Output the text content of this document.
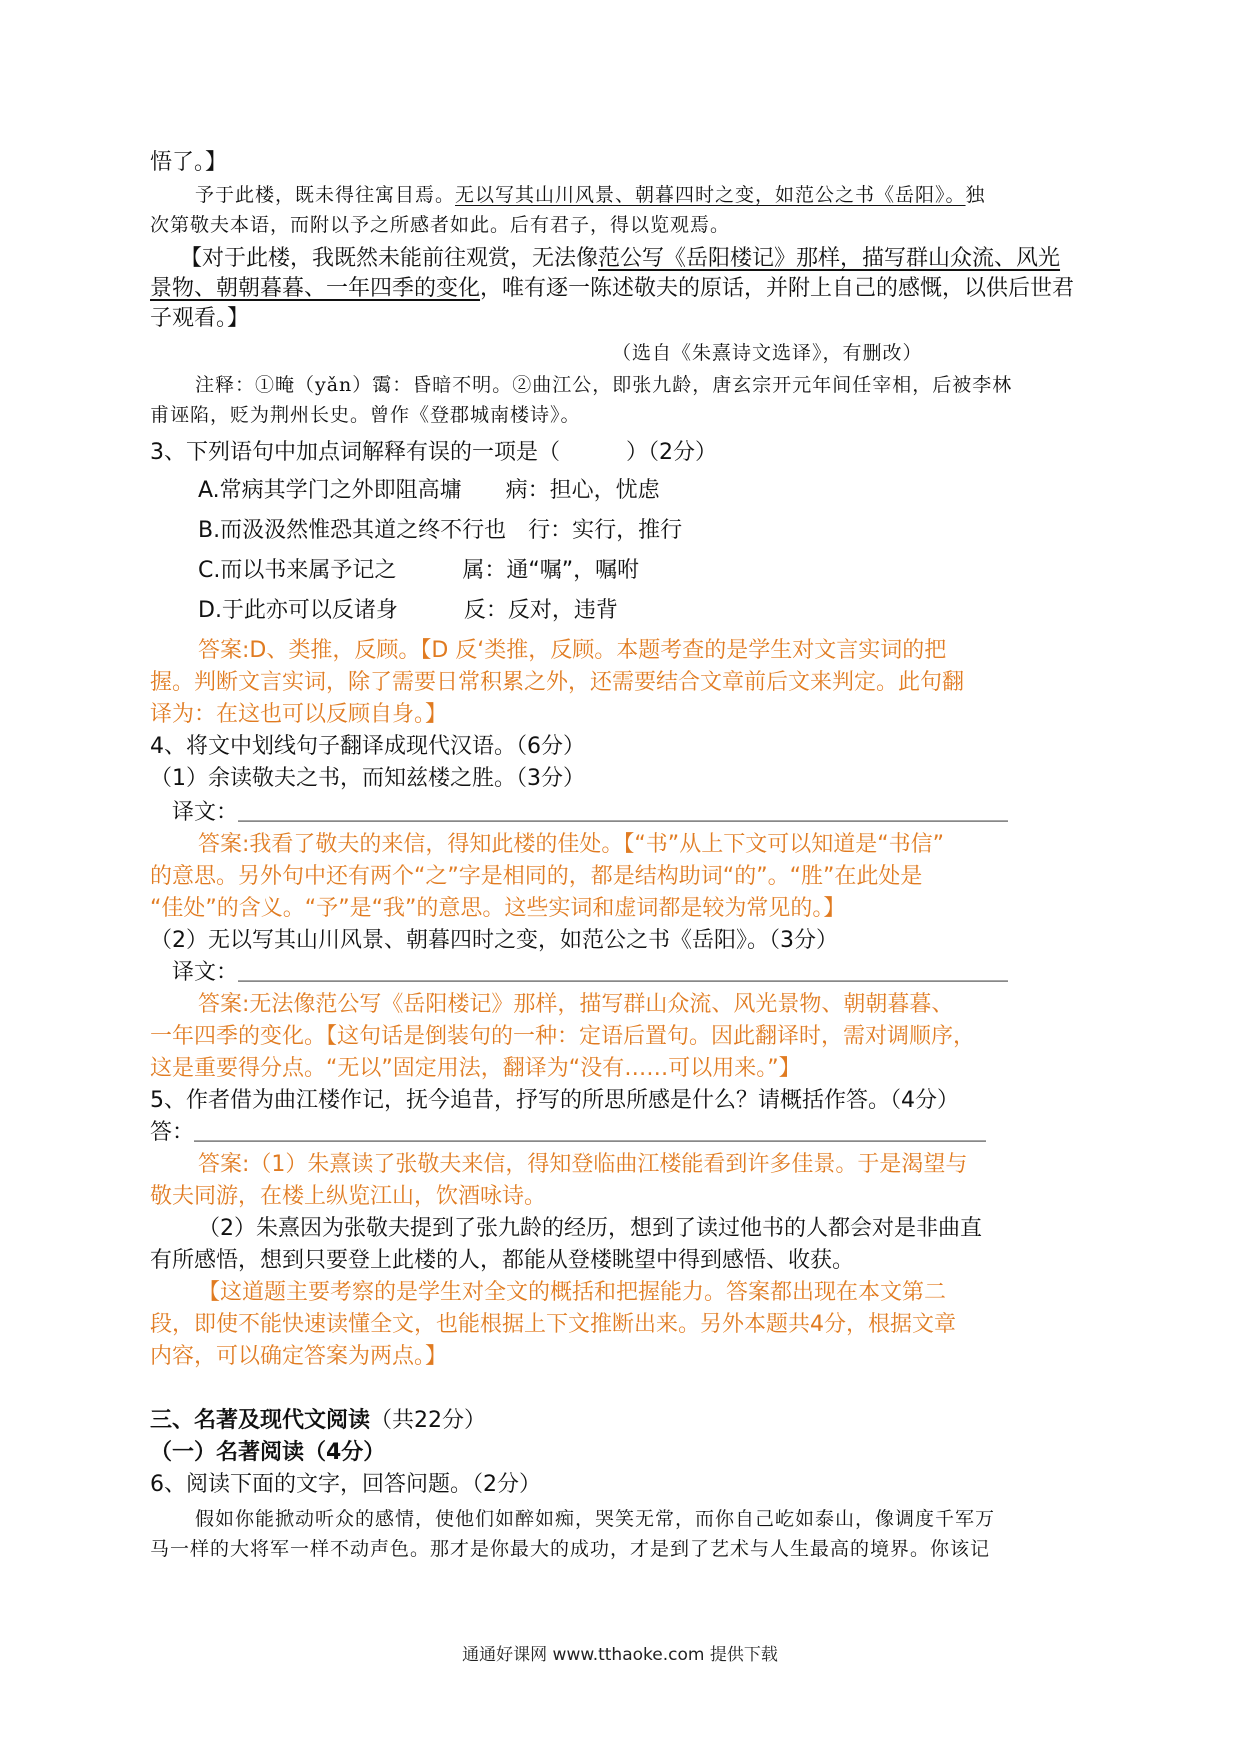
悟了。】
予于此楼，既未得往寓目焉。无以写其山川风景、朝暮四时之变，如范公之书《岳阳》。独
次第敬夫本语，而附以予之所感者如此。后有君子，得以览观焉。
【对于此楼，我既然未能前往观赏，无法像范公写《岳阳楼记》那样，描写群山众流、风光
景物、朝朝暮暮、一年四季的变化，唯有逐一陈述敬夫的原话，并附上自己的感慨，以供后世君
子观看。】
（选自《朱熹诗文选译》，有删改）
注释：①晻（yǎn）霭：昏暗不明。②曲江公，即张九龄，唐玄宗开元年间任宰相，后被李林
甫诬陷，贬为荆州长史。曾作《登郡城南楼诗》。
3、下列语句中加点词解释有误的一项是（　　　）（2分）
A.常病其学门之外即阻高墉　　病：担心，忧虑
B.而汲汲然惟恐其道之终不行也　行：实行，推行
C.而以书来属予记之　　　属：通“嘱”，嘱咐
D.于此亦可以反诸身　　　反：反对，违背
答案:D、类推，反顾。【D 反‘类推，反顾。本题考查的是学生对文言实词的把
握。判断文言实词，除了需要日常积累之外，还需要结合文章前后文来判定。此句翻
译为：在这也可以反顾自身。】
4、将文中划线句子翻译成现代汉语。（6分）
（1）余读敬夫之书，而知兹楼之胜。（3分）
译文：＿＿＿＿＿＿＿＿＿＿＿＿＿＿＿＿＿＿＿＿＿＿＿＿＿＿＿＿＿＿＿＿＿＿＿
答案:我看了敬夫的来信，得知此楼的佳处。【“书”从上下文可以知道是“书信”
的意思。另外句中还有两个“之”字是相同的，都是结构助词“的”。“胜”在此处是
“佳处”的含义。“予”是“我”的意思。这些实词和虚词都是较为常见的。】
（2）无以写其山川风景、朝暮四时之变，如范公之书《岳阳》。（3分）
译文：＿＿＿＿＿＿＿＿＿＿＿＿＿＿＿＿＿＿＿＿＿＿＿＿＿＿＿＿＿＿＿＿＿＿＿
答案:无法像范公写《岳阳楼记》那样，描写群山众流、风光景物、朝朝暮暮、
一年四季的变化。【这句话是倒装句的一种：定语后置句。因此翻译时，需对调顺序，
这是重要得分点。“无以”固定用法，翻译为“没有……可以用来。”】
5、作者借为曲江楼作记，抚今追昔，抒写的所思所感是什么？请概括作答。（4分）
答：＿＿＿＿＿＿＿＿＿＿＿＿＿＿＿＿＿＿＿＿＿＿＿＿＿＿＿＿＿＿＿＿＿＿＿＿
答案:（1）朱熹读了张敬夫来信，得知登临曲江楼能看到许多佳景。于是渴望与
敬夫同游，在楼上纵览江山，饮酒咏诗。
（2）朱熹因为张敬夫提到了张九龄的经历，想到了读过他书的人都会对是非曲直
有所感悟，想到只要登上此楼的人，都能从登楼眺望中得到感悟、收获。
【这道题主要考察的是学生对全文的概括和把握能力。答案都出现在本文第二
段，即使不能快速读懂全文，也能根据上下文推断出来。另外本题共4分，根据文章
内容，可以确定答案为两点。】
三、名著及现代文阅读（共22分）
（一）名著阅读（4分）
6、阅读下面的文字，回答问题。（2分）
假如你能掀动听众的感情，使他们如醉如痴，哭笑无常，而你自己屹如泰山，像调度千军万
马一样的大将军一样不动声色。那才是你最大的成功，才是到了艺术与人生最高的境界。你该记
通通好课网 www.tthaoke.com 提供下载
